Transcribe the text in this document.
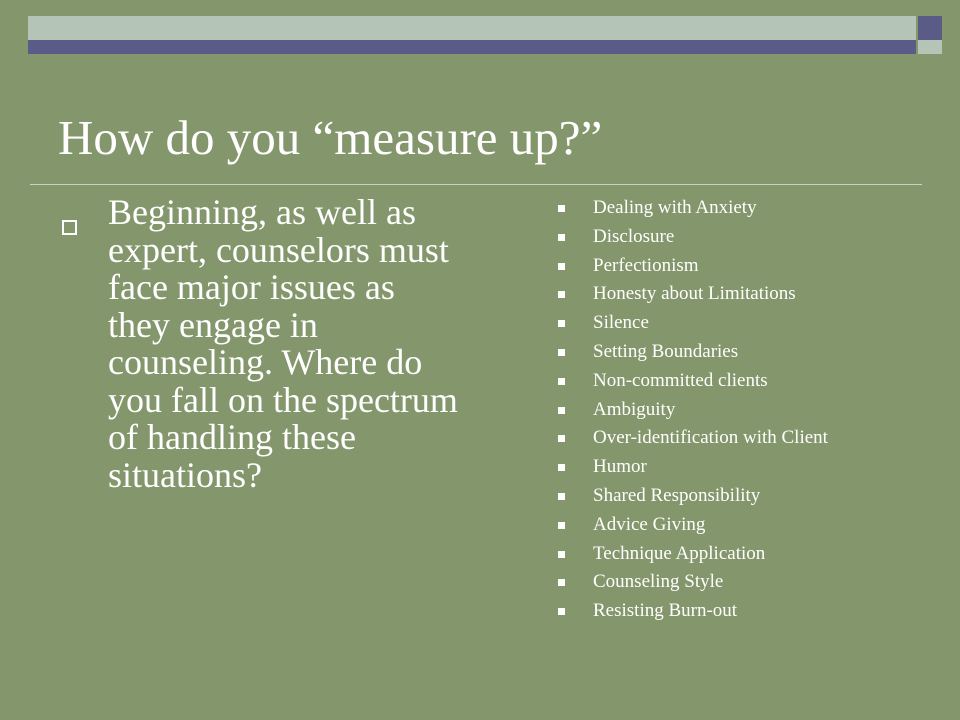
How do you “measure up?”

Beginning, as well as expert, counselors must face major issues as they engage in counseling. Where do you fall on the spectrum of handling these situations?

Dealing with Anxiety
Disclosure
Perfectionism
Honesty about Limitations
Silence
Setting Boundaries
Non-committed clients
Ambiguity
Over-identification with Client
Humor
Shared Responsibility
Advice Giving
Technique Application
Counseling Style
Resisting Burn-out
